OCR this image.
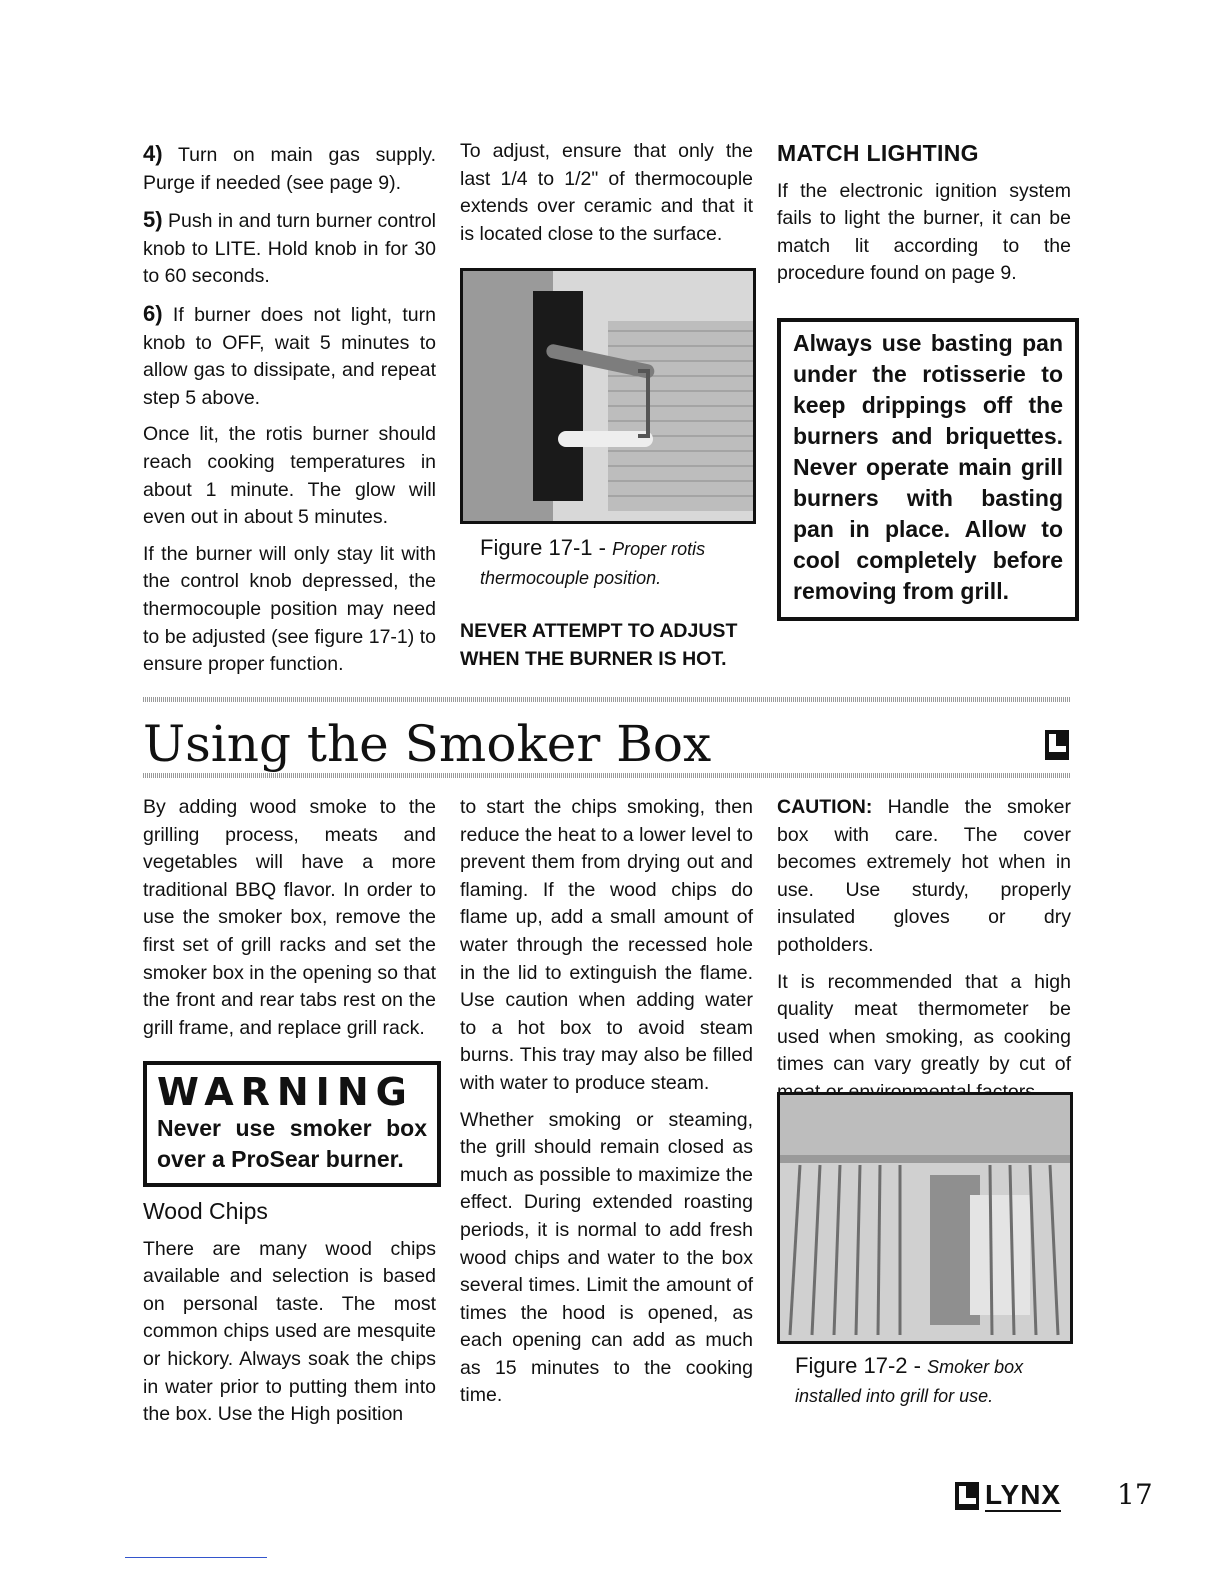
4) Turn on main gas supply. Purge if needed (see page 9).

5) Push in and turn burner control knob to LITE. Hold knob in for 30 to 60 seconds.

6) If burner does not light, turn knob to OFF, wait 5 minutes to allow gas to dissipate, and repeat step 5 above.

Once lit, the rotis burner should reach cooking temperatures in about 1 minute. The glow will even out in about 5 minutes.

If the burner will only stay lit with the control knob depressed, the thermocouple position may need to be adjusted (see figure 17-1) to ensure proper function.

To adjust, ensure that only the last 1/4 to 1/2" of thermocouple extends over ceramic and that it is located close to the surface.

Figure 17-1 - Proper rotis thermocouple position.

NEVER ATTEMPT TO ADJUST WHEN THE BURNER IS HOT.

MATCH LIGHTING

If the electronic ignition system fails to light the burner, it can be match lit according to the procedure found on page 9.

Always use basting pan under the rotisserie to keep drippings off the burners and briquettes. Never operate main grill burners with basting pan in place. Allow to cool completely before removing from grill.
Using the Smoker Box

By adding wood smoke to the grilling process, meats and vegetables will have a more traditional BBQ flavor. In order to use the smoker box, remove the first set of grill racks and set the smoker box in the opening so that the front and rear tabs rest on the grill frame, and replace grill rack.

WARNING
Never use smoker box over a ProSear burner.
Wood Chips

There are many wood chips available and selection is based on personal taste. The most common chips used are mesquite or hickory. Always soak the chips in water prior to putting them into the box. Use the High position

to start the chips smoking, then reduce the heat to a lower level to prevent them from drying out and flaming. If the wood chips do flame up, add a small amount of water through the recessed hole in the lid to extinguish the flame. Use caution when adding water to a hot box to avoid steam burns. This tray may also be filled with water to produce steam.

Whether smoking or steaming, the grill should remain closed as much as possible to maximize the effect. During extended roasting periods, it is normal to add fresh wood chips and water to the box several times. Limit the amount of times the hood is opened, as each opening can add as much as 15 minutes to the cooking time.

CAUTION: Handle the smoker box with care. The cover becomes extremely hot when in use. Use sturdy, properly insulated gloves or dry potholders.

It is recommended that a high quality meat thermometer be used when smoking, as cooking times can vary greatly by cut of

Figure 17-2 - Smoker box installed into grill for use.
LYNX 17
